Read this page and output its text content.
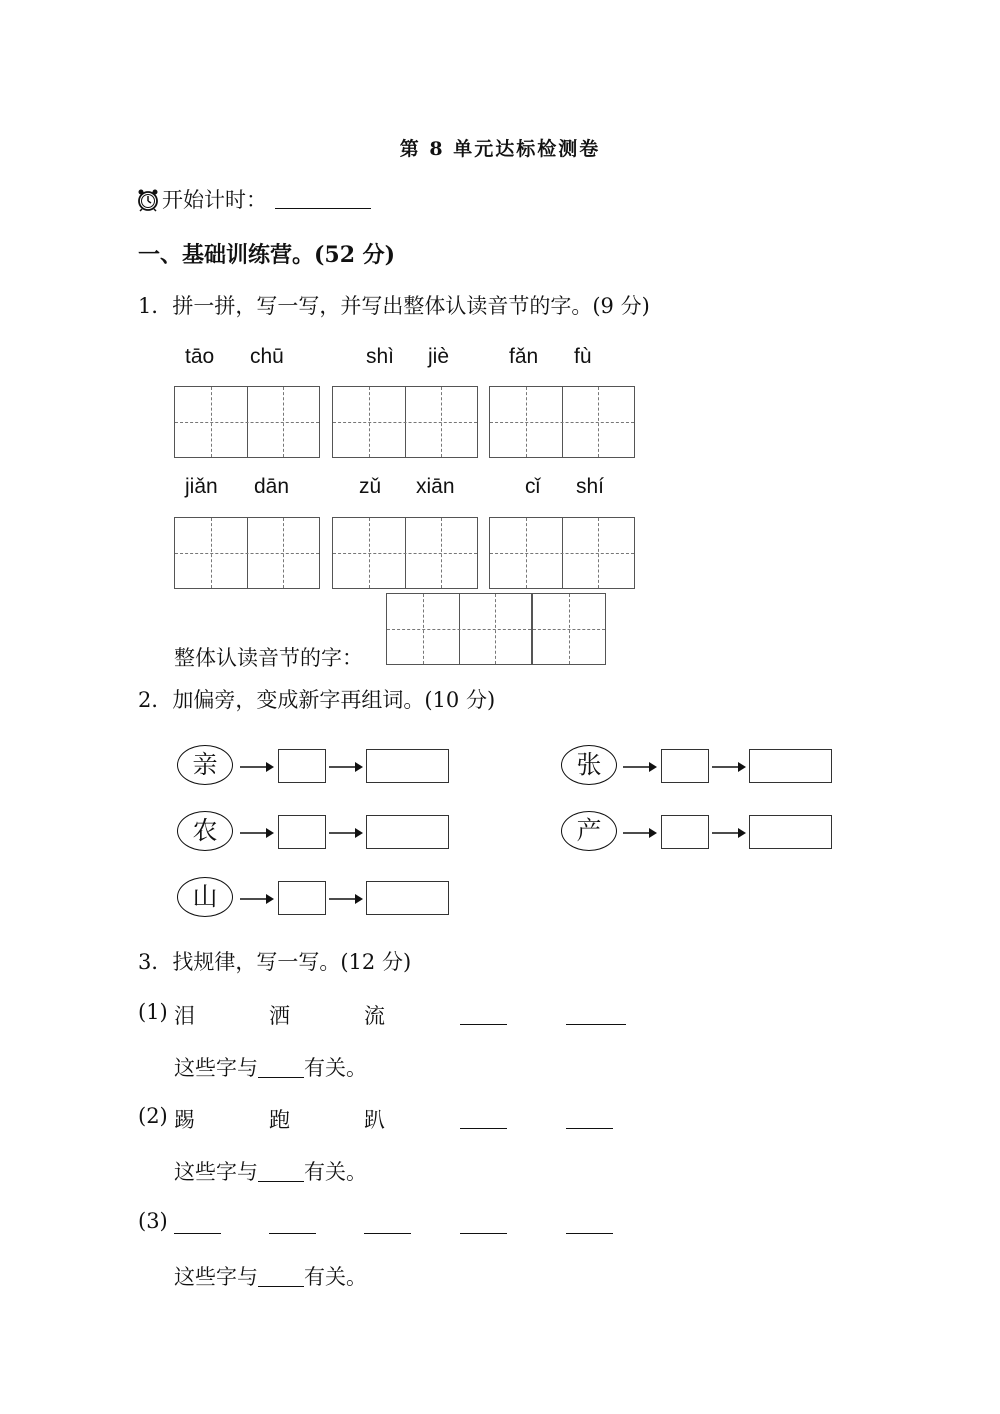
第 8 单元达标检测卷
开始计时：
一、基础训练营。(52 分)
1．拼一拼，写一写，并写出整体认读音节的字。(9 分)
tāo chū	shì jiè	fǎn fù
jiǎn dān	zǔ xiān	cǐ shí
整体认读音节的字：
2．加偏旁，变成新字再组词。(10 分)
亲
农
山
张
产
3．找规律，写一写。(12 分)
(1) 泪	洒	流
这些字与 有关。
(2) 踢	跑	趴
这些字与 有关。
(3)
这些字与 有关。
